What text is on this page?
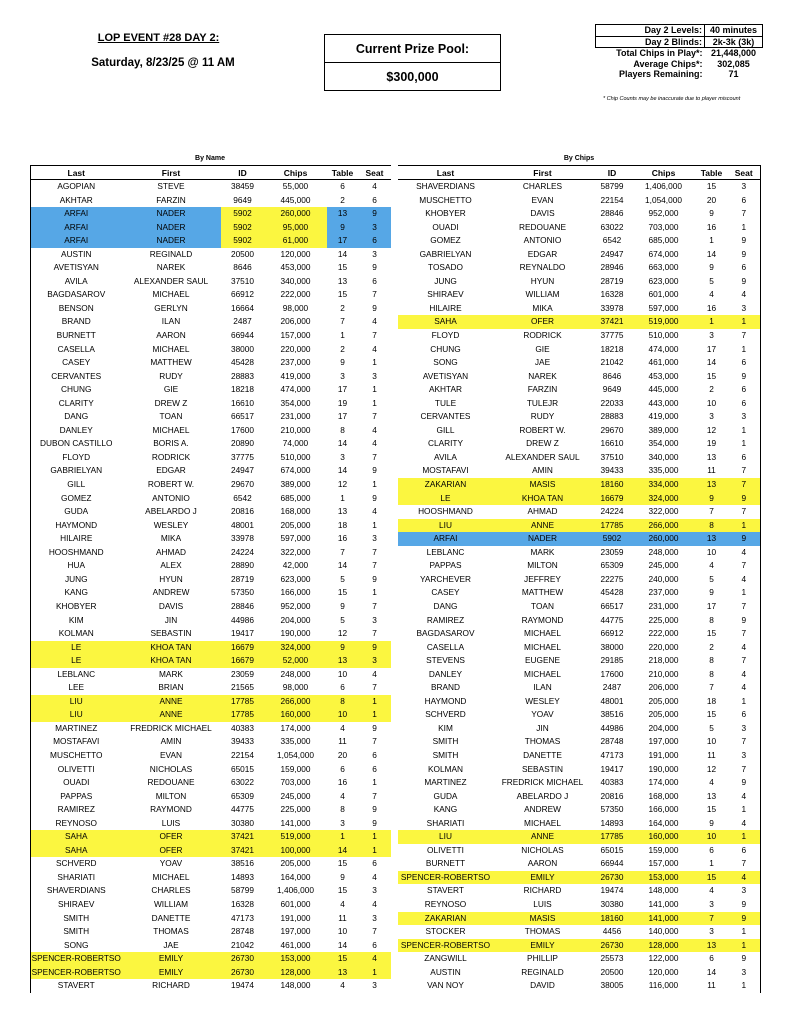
LOP EVENT #28 DAY 2:
Saturday, 8/23/25 @ 11 AM
Current Prize Pool:
$300,000
Day 2 Levels:	40 minutes
Day 2 Blinds:	2k-3k (3k)
Total Chips in Play*:	21,448,000
Average Chips*:	302,085
Players Remaining:	71
* Chip Counts may be inaccurate due to player miscount
By Name	By Chips
Last	First	ID	Chips	Table	Seat
AGOPIAN	STEVE	38459	55,000	6	4
AKHTAR	FARZIN	9649	445,000	2	6
ARFAI	NADER	5902	260,000	13	9
ARFAI	NADER	5902	95,000	9	3
ARFAI	NADER	5902	61,000	17	6
AUSTIN	REGINALD	20500	120,000	14	3
AVETISYAN	NAREK	8646	453,000	15	9
AVILA	ALEXANDER SAUL	37510	340,000	13	6
BAGDASAROV	MICHAEL	66912	222,000	15	7
BENSON	GERLYN	16664	98,000	2	9
BRAND	ILAN	2487	206,000	7	4
BURNETT	AARON	66944	157,000	1	7
CASELLA	MICHAEL	38000	220,000	2	4
CASEY	MATTHEW	45428	237,000	9	1
CERVANTES	RUDY	28883	419,000	3	3
CHUNG	GIE	18218	474,000	17	1
CLARITY	DREW Z	16610	354,000	19	1
DANG	TOAN	66517	231,000	17	7
DANLEY	MICHAEL	17600	210,000	8	4
DUBON CASTILLO	BORIS A.	20890	74,000	14	4
FLOYD	RODRICK	37775	510,000	3	7
GABRIELYAN	EDGAR	24947	674,000	14	9
GILL	ROBERT W.	29670	389,000	12	1
GOMEZ	ANTONIO	6542	685,000	1	9
GUDA	ABELARDO J	20816	168,000	13	4
HAYMOND	WESLEY	48001	205,000	18	1
HILAIRE	MIKA	33978	597,000	16	3
HOOSHMAND	AHMAD	24224	322,000	7	7
HUA	ALEX	28890	42,000	14	7
JUNG	HYUN	28719	623,000	5	9
KANG	ANDREW	57350	166,000	15	1
KHOBYER	DAVIS	28846	952,000	9	7
KIM	JIN	44986	204,000	5	3
KOLMAN	SEBASTIN	19417	190,000	12	7
LE	KHOA TAN	16679	324,000	9	9
LE	KHOA TAN	16679	52,000	13	3
LEBLANC	MARK	23059	248,000	10	4
LEE	BRIAN	21565	98,000	6	7
LIU	ANNE	17785	266,000	8	1
LIU	ANNE	17785	160,000	10	1
MARTINEZ	FREDRICK MICHAEL	40383	174,000	4	9
MOSTAFAVI	AMIN	39433	335,000	11	7
MUSCHETTO	EVAN	22154	1,054,000	20	6
OLIVETTI	NICHOLAS	65015	159,000	6	6
OUADI	REDOUANE	63022	703,000	16	1
PAPPAS	MILTON	65309	245,000	4	7
RAMIREZ	RAYMOND	44775	225,000	8	9
REYNOSO	LUIS	30380	141,000	3	9
SAHA	OFER	37421	519,000	1	1
SAHA	OFER	37421	100,000	14	1
SCHVERD	YOAV	38516	205,000	15	6
SHARIATI	MICHAEL	14893	164,000	9	4
SHAVERDIANS	CHARLES	58799	1,406,000	15	3
SHIRAEV	WILLIAM	16328	601,000	4	4
SMITH	DANETTE	47173	191,000	11	3
SMITH	THOMAS	28748	197,000	10	7
SONG	JAE	21042	461,000	14	6
SPENCER-ROBERTSO	EMILY	26730	153,000	15	4
SPENCER-ROBERTSO	EMILY	26730	128,000	13	1
STAVERT	RICHARD	19474	148,000	4	3
Last	First	ID	Chips	Table	Seat
SHAVERDIANS	CHARLES	58799	1,406,000	15	3
MUSCHETTO	EVAN	22154	1,054,000	20	6
KHOBYER	DAVIS	28846	952,000	9	7
OUADI	REDOUANE	63022	703,000	16	1
GOMEZ	ANTONIO	6542	685,000	1	9
GABRIELYAN	EDGAR	24947	674,000	14	9
TOSADO	REYNALDO	28946	663,000	9	6
JUNG	HYUN	28719	623,000	5	9
SHIRAEV	WILLIAM	16328	601,000	4	4
HILAIRE	MIKA	33978	597,000	16	3
SAHA	OFER	37421	519,000	1	1
FLOYD	RODRICK	37775	510,000	3	7
CHUNG	GIE	18218	474,000	17	1
SONG	JAE	21042	461,000	14	6
AVETISYAN	NAREK	8646	453,000	15	9
AKHTAR	FARZIN	9649	445,000	2	6
TULE	TULEJR	22033	443,000	10	6
CERVANTES	RUDY	28883	419,000	3	3
GILL	ROBERT W.	29670	389,000	12	1
CLARITY	DREW Z	16610	354,000	19	1
AVILA	ALEXANDER SAUL	37510	340,000	13	6
MOSTAFAVI	AMIN	39433	335,000	11	7
ZAKARIAN	MASIS	18160	334,000	13	7
LE	KHOA TAN	16679	324,000	9	9
HOOSHMAND	AHMAD	24224	322,000	7	7
LIU	ANNE	17785	266,000	8	1
ARFAI	NADER	5902	260,000	13	9
LEBLANC	MARK	23059	248,000	10	4
PAPPAS	MILTON	65309	245,000	4	7
YARCHEVER	JEFFREY	22275	240,000	5	4
CASEY	MATTHEW	45428	237,000	9	1
DANG	TOAN	66517	231,000	17	7
RAMIREZ	RAYMOND	44775	225,000	8	9
BAGDASAROV	MICHAEL	66912	222,000	15	7
CASELLA	MICHAEL	38000	220,000	2	4
STEVENS	EUGENE	29185	218,000	8	7
DANLEY	MICHAEL	17600	210,000	8	4
BRAND	ILAN	2487	206,000	7	4
HAYMOND	WESLEY	48001	205,000	18	1
SCHVERD	YOAV	38516	205,000	15	6
KIM	JIN	44986	204,000	5	3
SMITH	THOMAS	28748	197,000	10	7
SMITH	DANETTE	47173	191,000	11	3
KOLMAN	SEBASTIN	19417	190,000	12	7
MARTINEZ	FREDRICK MICHAEL	40383	174,000	4	9
GUDA	ABELARDO J	20816	168,000	13	4
KANG	ANDREW	57350	166,000	15	1
SHARIATI	MICHAEL	14893	164,000	9	4
LIU	ANNE	17785	160,000	10	1
OLIVETTI	NICHOLAS	65015	159,000	6	6
BURNETT	AARON	66944	157,000	1	7
SPENCER-ROBERTSO	EMILY	26730	153,000	15	4
STAVERT	RICHARD	19474	148,000	4	3
REYNOSO	LUIS	30380	141,000	3	9
ZAKARIAN	MASIS	18160	141,000	7	9
STOCKER	THOMAS	4456	140,000	3	1
SPENCER-ROBERTSO	EMILY	26730	128,000	13	1
ZANGWILL	PHILLIP	25573	122,000	6	9
AUSTIN	REGINALD	20500	120,000	14	3
VAN NOY	DAVID	38005	116,000	11	1
